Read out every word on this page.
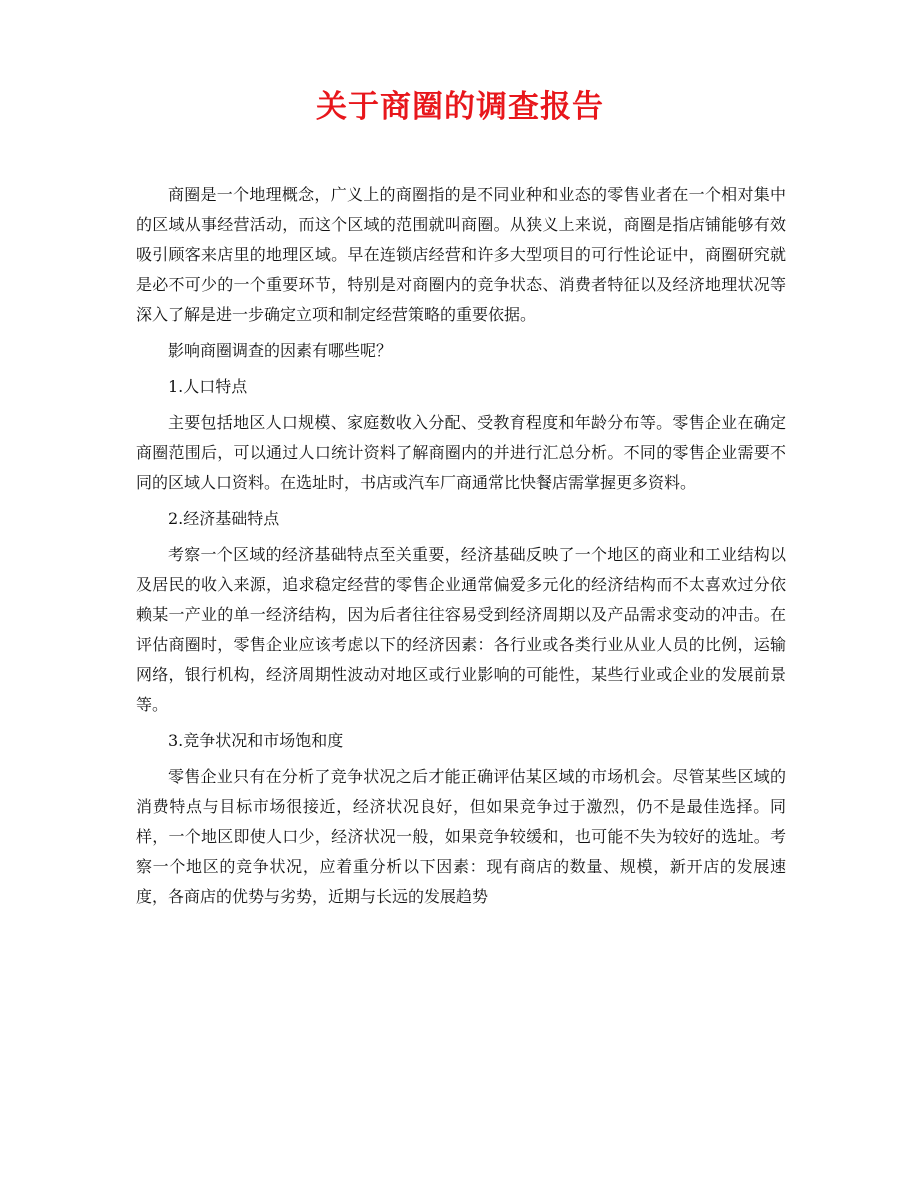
关于商圈的调查报告

商圈是一个地理概念，广义上的商圈指的是不同业种和业态的零售业者在一个相对集中的区域从事经营活动，而这个区域的范围就叫商圈。从狭义上来说，商圈是指店铺能够有效吸引顾客来店里的地理区域。早在连锁店经营和许多大型项目的可行性论证中，商圈研究就是必不可少的一个重要环节，特别是对商圈内的竞争状态、消费者特征以及经济地理状况等深入了解是进一步确定立项和制定经营策略的重要依据。

影响商圈调查的因素有哪些呢？

1.人口特点

主要包括地区人口规模、家庭数收入分配、受教育程度和年龄分布等。零售企业在确定商圈范围后，可以通过人口统计资料了解商圈内的并进行汇总分析。不同的零售企业需要不同的区域人口资料。在选址时，书店或汽车厂商通常比快餐店需掌握更多资料。

2.经济基础特点

考察一个区域的经济基础特点至关重要，经济基础反映了一个地区的商业和工业结构以及居民的收入来源，追求稳定经营的零售企业通常偏爱多元化的经济结构而不太喜欢过分依赖某一产业的单一经济结构，因为后者往往容易受到经济周期以及产品需求变动的冲击。在评估商圈时，零售企业应该考虑以下的经济因素：各行业或各类行业从业人员的比例，运输网络，银行机构，经济周期性波动对地区或行业影响的可能性，某些行业或企业的发展前景等。

3.竞争状况和市场饱和度

零售企业只有在分析了竞争状况之后才能正确评估某区域的市场机会。尽管某些区域的消费特点与目标市场很接近，经济状况良好，但如果竞争过于激烈，仍不是最佳选择。同样，一个地区即使人口少，经济状况一般，如果竞争较缓和，也可能不失为较好的选址。考察一个地区的竞争状况，应着重分析以下因素：现有商店的数量、规模，新开店的发展速度，各商店的优势与劣势，近期与长远的发展趋势
